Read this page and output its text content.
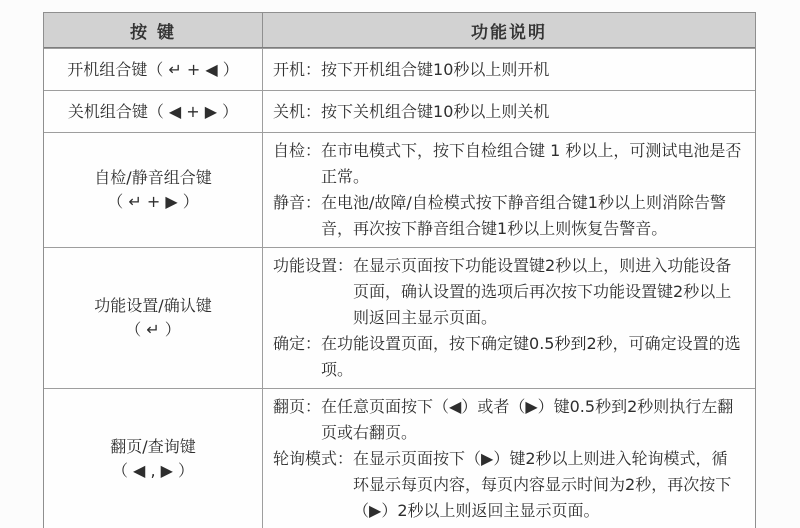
按 键	功能说明
开机组合键（ ↵ + ◀ ） 开机： 按下开机组合键10秒以上则开机
关机组合键（ ◀ + ▶ ） 关机： 按下关机组合键10秒以上则关机
自检/静音组合键
（ ↵ + ▶ ）
自检： 在市电模式下，按下自检组合键 1 秒以上，可测试电池是否正常。
静音： 在电池/故障/自检模式按下静音组合键1秒以上则消除告警音，再次按下静音组合键1秒以上则恢复告警音。
功能设置/确认键
（ ↵ ）
功能设置： 在显示页面按下功能设置键2秒以上，则进入功能设备页面，确认设置的选项后再次按下功能设置键2秒以上则返回主显示页面。
确定： 在功能设置页面，按下确定键0.5秒到2秒，可确定设置的选项。
翻页/查询键
（ ◀ , ▶ ）
翻页： 在任意页面按下（◀）或者（▶）键0.5秒到2秒则执行左翻页或右翻页。
轮询模式： 在显示页面按下（▶）键2秒以上则进入轮询模式，循环显示每页内容，每页内容显示时间为2秒，再次按下（▶）2秒以上则返回主显示页面。
